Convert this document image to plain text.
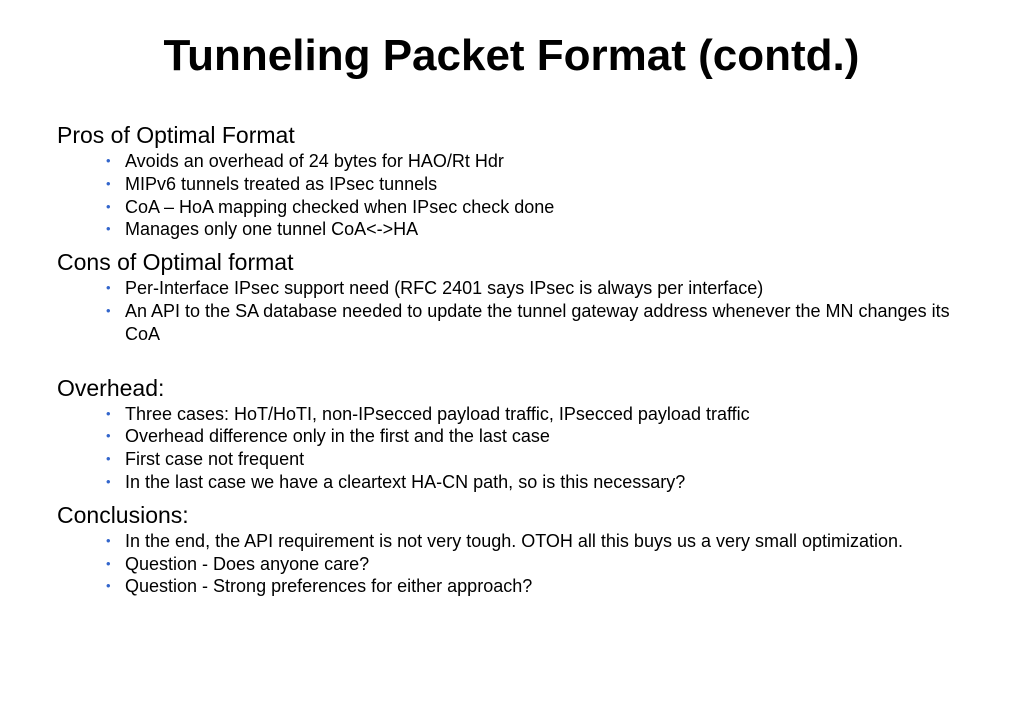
Tunneling Packet Format (contd.)

Pros of Optimal Format

• Avoids an overhead of 24 bytes for HAO/Rt Hdr
• MIPv6 tunnels treated as IPsec tunnels
• CoA – HoA mapping checked when IPsec check done
• Manages only one tunnel CoA<->HA

Cons of Optimal format

• Per-Interface IPsec support need (RFC 2401 says IPsec is always per interface)
• An API to the SA database needed to update the tunnel gateway address whenever the MN changes its CoA

Overhead:

• Three cases: HoT/HoTI, non-IPsecced payload traffic, IPsecced payload traffic
• Overhead difference only in the first and the last case
• First case not frequent
• In the last case we have a cleartext HA-CN path, so is this necessary?

Conclusions:

• In the end, the API requirement is not very tough. OTOH all this buys us a very small optimization.
• Question - Does anyone care?
• Question - Strong preferences for either approach?
